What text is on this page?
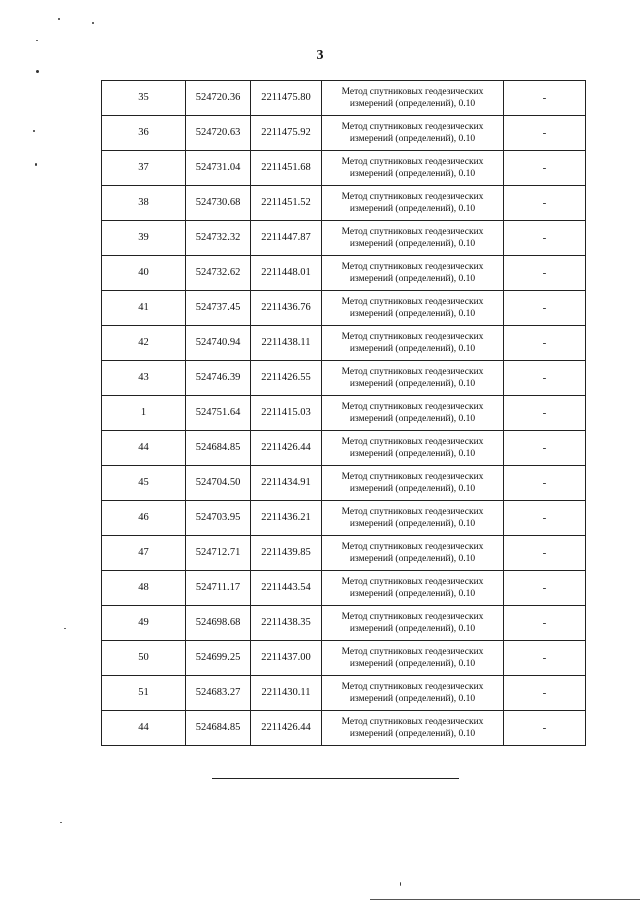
3
35	524720.36	2211475.80	Метод спутниковых геодезических
измерений (определений), 0.10	-
36	524720.63	2211475.92	Метод спутниковых геодезических
измерений (определений), 0.10	-
37	524731.04	2211451.68	Метод спутниковых геодезических
измерений (определений), 0.10	-
38	524730.68	2211451.52	Метод спутниковых геодезических
измерений (определений), 0.10	-
39	524732.32	2211447.87	Метод спутниковых геодезических
измерений (определений), 0.10	-
40	524732.62	2211448.01	Метод спутниковых геодезических
измерений (определений), 0.10	-
41	524737.45	2211436.76	Метод спутниковых геодезических
измерений (определений), 0.10	-
42	524740.94	2211438.11	Метод спутниковых геодезических
измерений (определений), 0.10	-
43	524746.39	2211426.55	Метод спутниковых геодезических
измерений (определений), 0.10	-
1	524751.64	2211415.03	Метод спутниковых геодезических
измерений (определений), 0.10	-
44	524684.85	2211426.44	Метод спутниковых геодезических
измерений (определений), 0.10	-
45	524704.50	2211434.91	Метод спутниковых геодезических
измерений (определений), 0.10	-
46	524703.95	2211436.21	Метод спутниковых геодезических
измерений (определений), 0.10	-
47	524712.71	2211439.85	Метод спутниковых геодезических
измерений (определений), 0.10	-
48	524711.17	2211443.54	Метод спутниковых геодезических
измерений (определений), 0.10	-
49	524698.68	2211438.35	Метод спутниковых геодезических
измерений (определений), 0.10	-
50	524699.25	2211437.00	Метод спутниковых геодезических
измерений (определений), 0.10	-
51	524683.27	2211430.11	Метод спутниковых геодезических
измерений (определений), 0.10	-
44	524684.85	2211426.44	Метод спутниковых геодезических
измерений (определений), 0.10	-
